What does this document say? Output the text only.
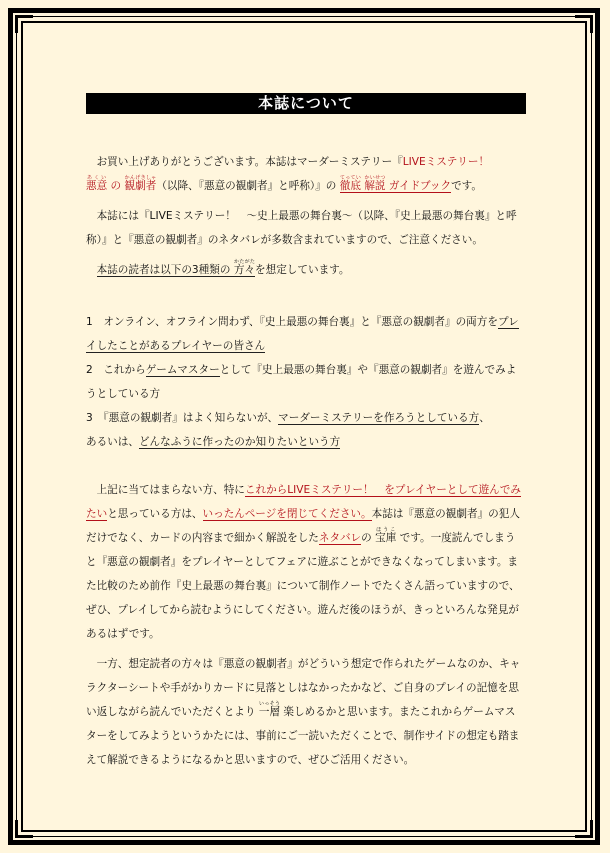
本誌について

お買い上げありがとうございます。本誌はマーダーミステリー『LIVEミステリー！
悪意あくい の 観劇者かんげきしゃ（以降、『悪意の観劇者』と呼称）』の 徹底てってい 解説かいせつ ガイドブックです。

本誌には『LIVEミステリー！　～史上最悪の舞台裏～（以降、『史上最悪の舞台裏』と呼称）』と『悪意の観劇者』のネタバレが多数含まれていますので、ご注意ください。

本誌の読者は以下の3種類の 方々かたがたを想定しています。

1　オンライン、オフライン問わず、『史上最悪の舞台裏』と『悪意の観劇者』の両方をプレイしたことがあるプレイヤーの皆さん

2　これからゲームマスターとして『史上最悪の舞台裏』や『悪意の観劇者』を遊んでみようとしている方

3　『悪意の観劇者』はよく知らないが、マーダーミステリーを作ろうとしている方、

あるいは、どんなふうに作ったのか知りたいという方

上記に当てはまらない方、特にこれからLIVEミステリー！　をプレイヤーとして遊んでみたいと思っている方は、いったんページを閉じてください。本誌は『悪意の観劇者』の犯人だけでなく、カードの内容まで細かく解説をしたネタバレの 宝庫ほうこ です。一度読んでしまうと『悪意の観劇者』をプレイヤーとしてフェアに遊ぶことができなくなってしまいます。また比較のため前作『史上最悪の舞台裏』について制作ノートでたくさん語っていますので、ぜひ、プレイしてから読むようにしてください。遊んだ後のほうが、きっといろんな発見があるはずです。

一方、想定読者の方々は『悪意の観劇者』がどういう想定で作られたゲームなのか、キャラクターシートや手がかりカードに見落としはなかったかなど、ご自身のプレイの記憶を思い返しながら読んでいただくとより 一層いっそう 楽しめるかと思います。またこれからゲームマスターをしてみようというかたには、事前にご一読いただくことで、制作サイドの想定も踏まえて解説できるようになるかと思いますので、ぜひご活用ください。
